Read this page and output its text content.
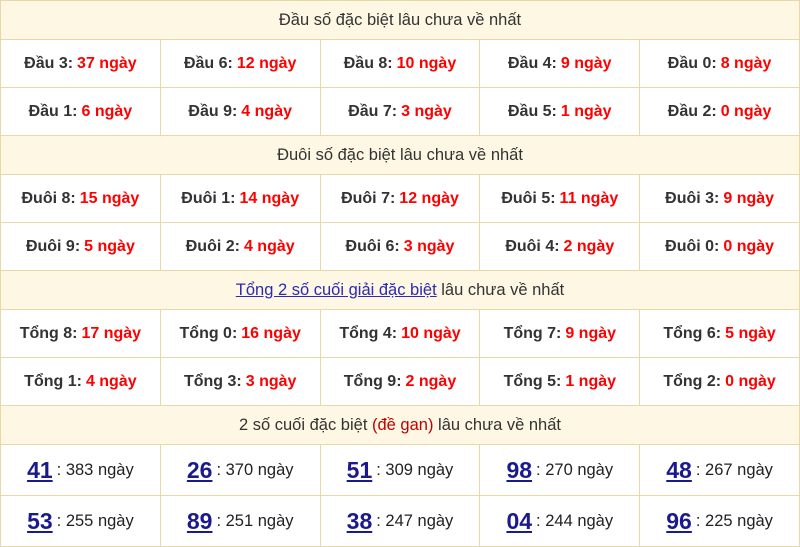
Đầu số đặc biệt lâu chưa về nhất				

Đầu 3: 37 ngày	Đầu 6: 12 ngày	Đầu 8: 10 ngày	Đầu 4: 9 ngày	Đầu 0: 8 ngày

Đầu 1: 6 ngày	Đầu 9: 4 ngày	Đầu 7: 3 ngày	Đầu 5: 1 ngày	Đầu 2: 0 ngày

Đuôi số đặc biệt lâu chưa về nhất				

Đuôi 8: 15 ngày	Đuôi 1: 14 ngày	Đuôi 7: 12 ngày	Đuôi 5: 11 ngày	Đuôi 3: 9 ngày

Đuôi 9: 5 ngày	Đuôi 2: 4 ngày	Đuôi 6: 3 ngày	Đuôi 4: 2 ngày	Đuôi 0: 0 ngày

Tổng 2 số cuối giải đặc biệt lâu chưa về nhất				

Tổng 8: 17 ngày	Tổng 0: 16 ngày	Tổng 4: 10 ngày	Tổng 7: 9 ngày	Tổng 6: 5 ngày

Tổng 1: 4 ngày	Tổng 3: 3 ngày	Tổng 9: 2 ngày	Tổng 5: 1 ngày	Tổng 2: 0 ngày

2 số cuối đặc biệt (đề gan) lâu chưa về nhất				

41 : 383 ngày	26 : 370 ngày	51 : 309 ngày	98 : 270 ngày	48 : 267 ngày

53 : 255 ngày	89 : 251 ngày	38 : 247 ngày	04 : 244 ngày	96 : 225 ngày
